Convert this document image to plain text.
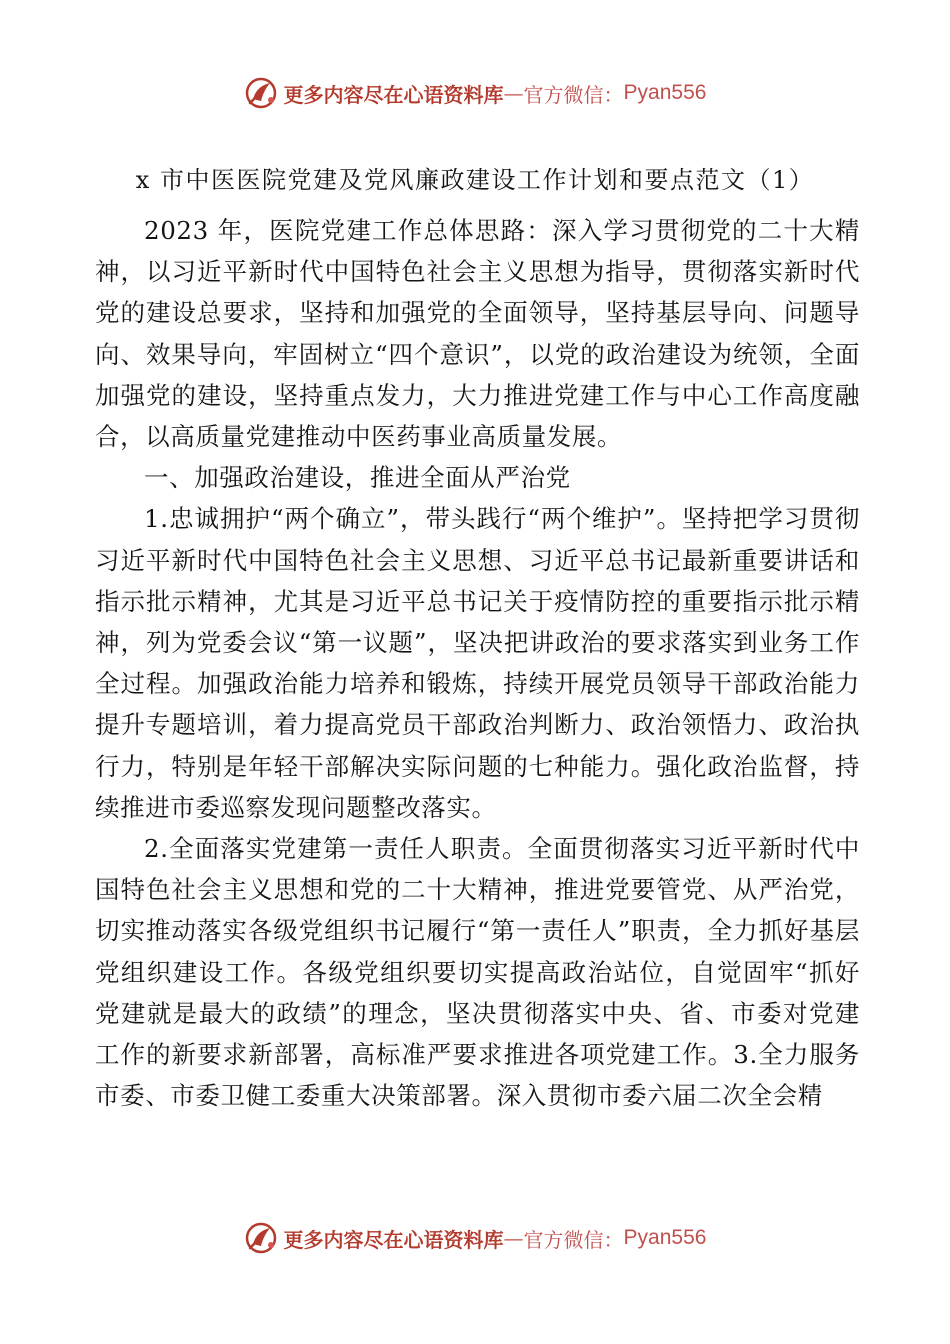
更多内容尽在心语资料库 — 官方微信： Pyan556
x 市中医医院党建及党风廉政建设工作计划和要点范文（1）

2023 年，医院党建工作总体思路：深入学习贯彻党的二十大精神，以习近平新时代中国特色社会主义思想为指导，贯彻落实新时代党的建设总要求，坚持和加强党的全面领导，坚持基层导向、问题导向、效果导向，牢固树立“四个意识”，以党的政治建设为统领，全面加强党的建设，坚持重点发力，大力推进党建工作与中心工作高度融合，以高质量党建推动中医药事业高质量发展。

一、加强政治建设，推进全面从严治党

1.忠诚拥护“两个确立”，带头践行“两个维护”。坚持把学习贯彻习近平新时代中国特色社会主义思想、习近平总书记最新重要讲话和指示批示精神，尤其是习近平总书记关于疫情防控的重要指示批示精神，列为党委会议“第一议题”，坚决把讲政治的要求落实到业务工作全过程。加强政治能力培养和锻炼，持续开展党员领导干部政治能力提升专题培训，着力提高党员干部政治判断力、政治领悟力、政治执行力，特别是年轻干部解决实际问题的七种能力。强化政治监督，持续推进市委巡察发现问题整改落实。

2.全面落实党建第一责任人职责。全面贯彻落实习近平新时代中国特色社会主义思想和党的二十大精神，推进党要管党、从严治党，切实推动落实各级党组织书记履行“第一责任人”职责，全力抓好基层党组织建设工作。各级党组织要切实提高政治站位，自觉固牢“抓好党建就是最大的政绩”的理念，坚决贯彻落实中央、省、市委对党建工作的新要求新部署，高标准严要求推进各项党建工作。3.全力服务市委、市委卫健工委重大决策部署。深入贯彻市委六届二次全会精

更多内容尽在心语资料库 — 官方微信： Pyan556
